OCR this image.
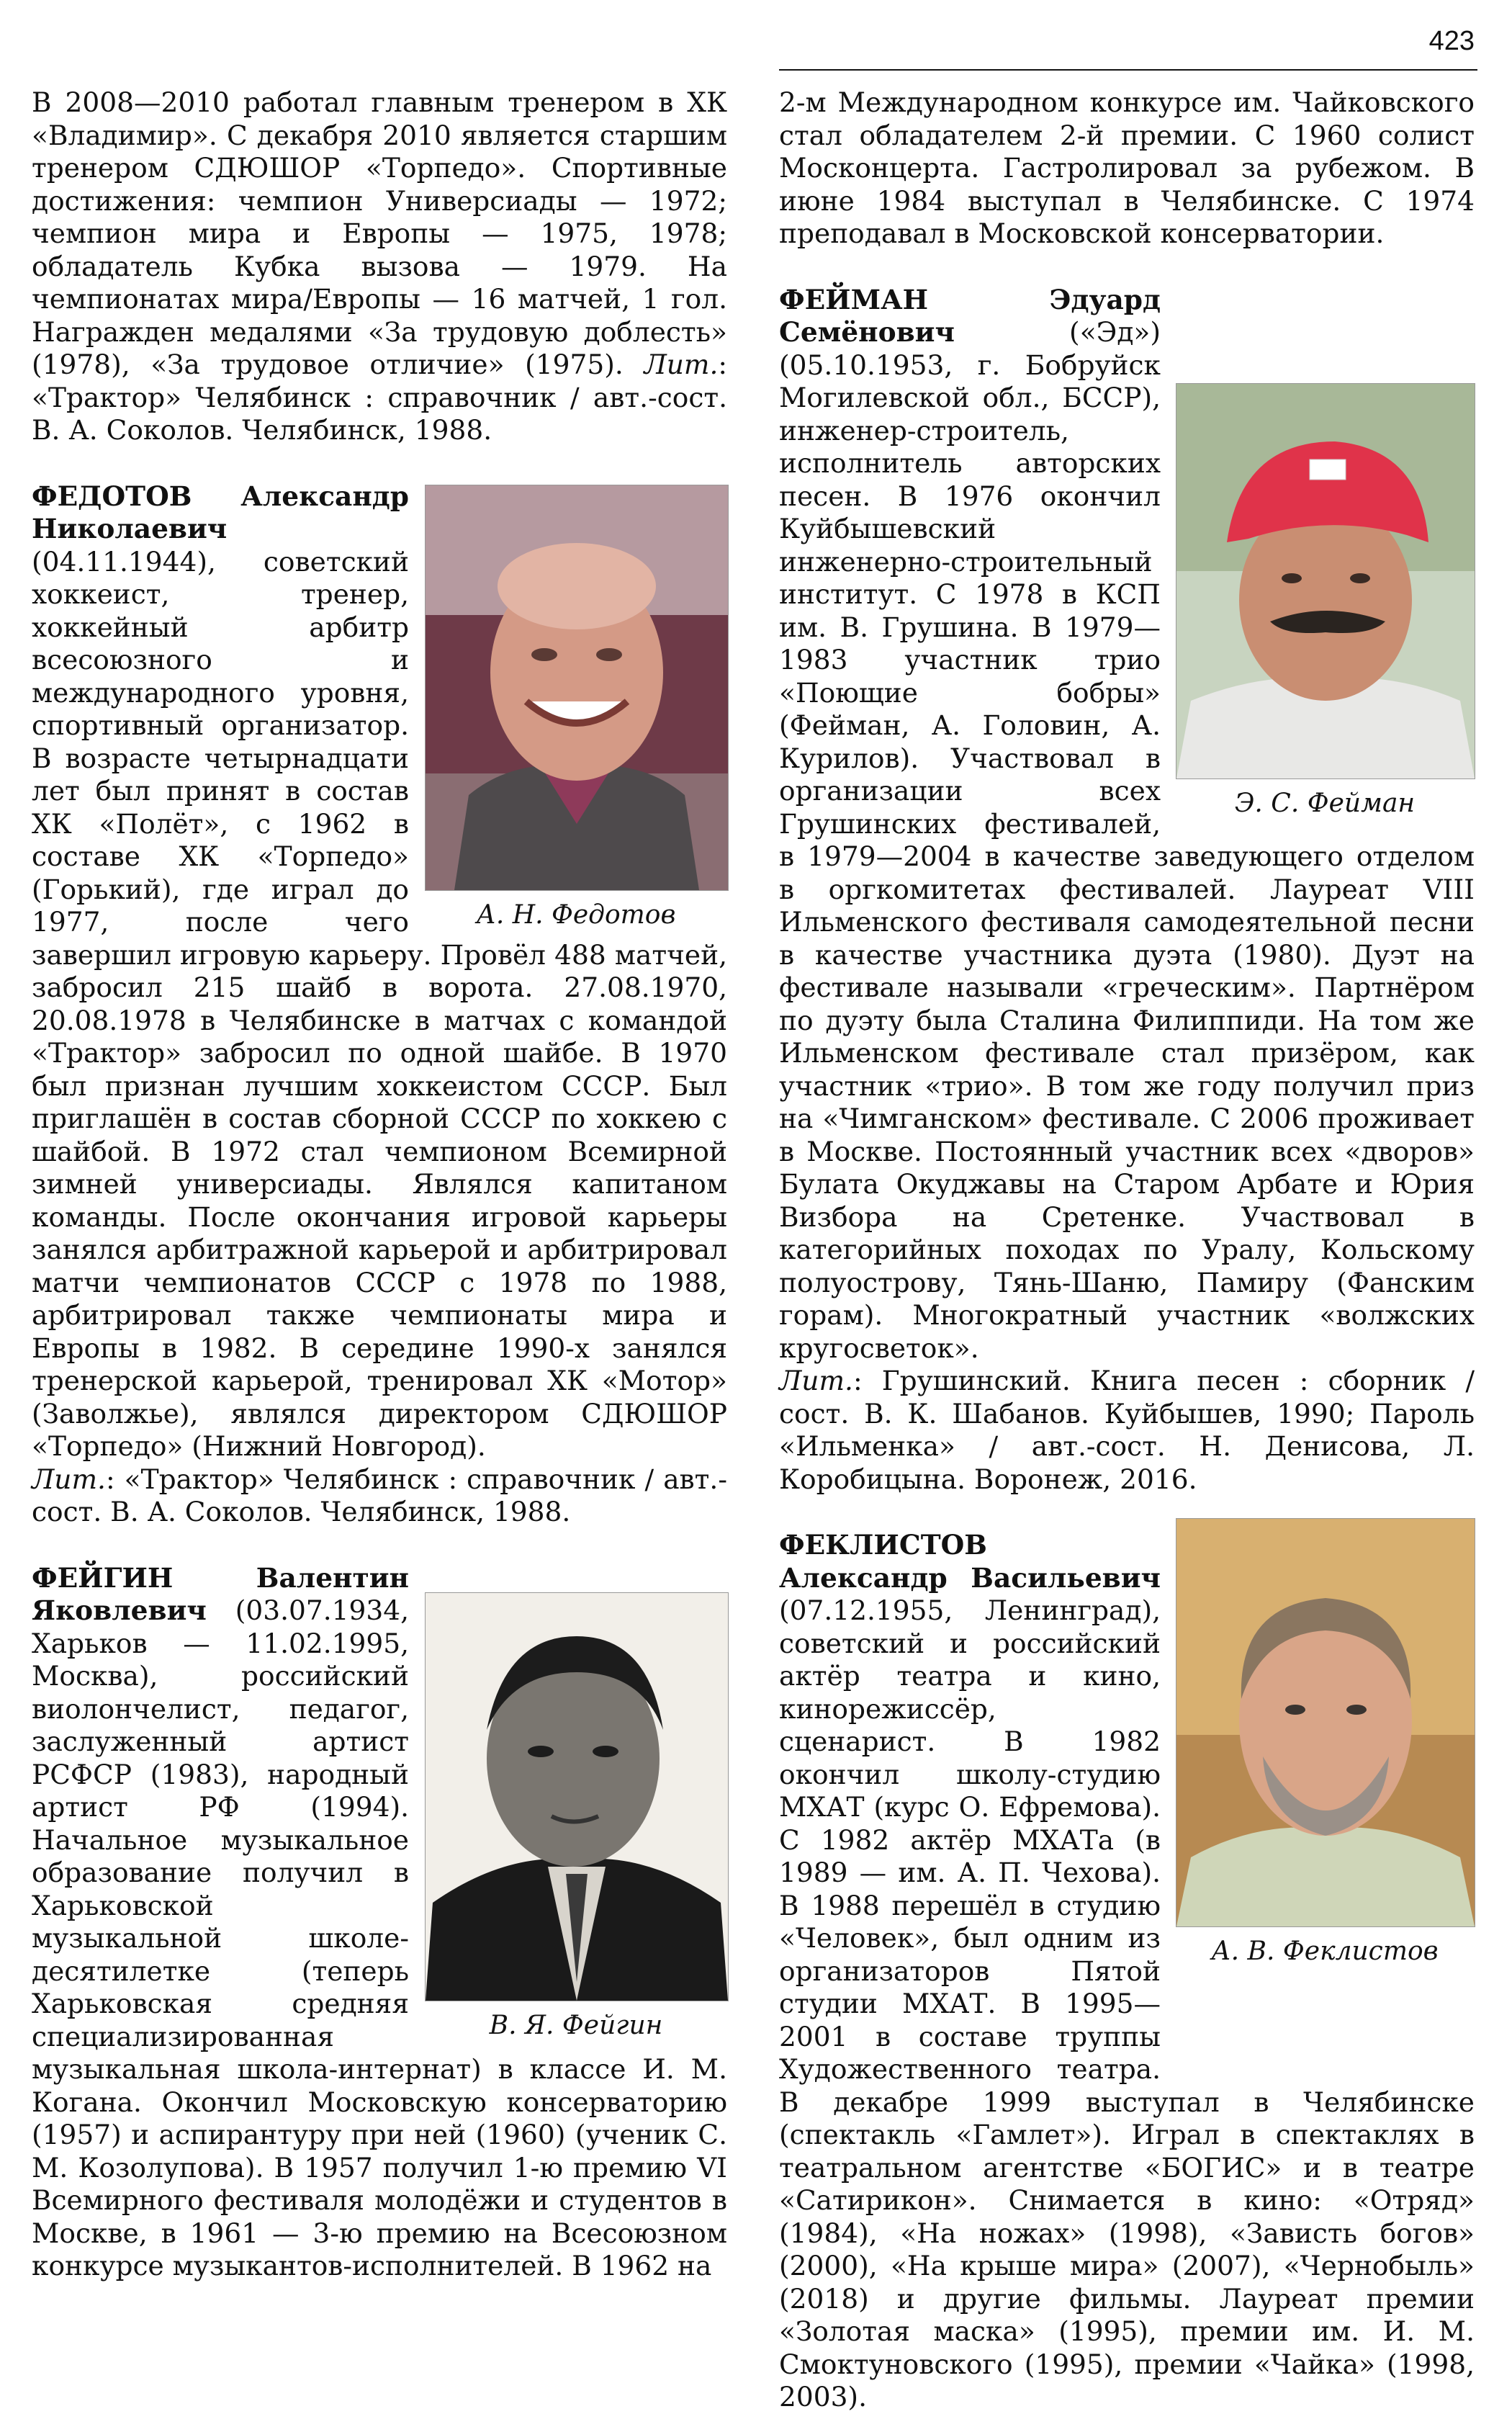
423
В 2008—2010 работал главным тренером в ХК «Владимир». С декабря 2010 является старшим тренером СДЮШОР «Торпедо». Спортивные достижения: чемпион Универсиады — 1972; чемпион мира и Европы — 1975, 1978; обладатель Кубка вызова — 1979. На чемпионатах мира/Европы — 16 матчей, 1 гол. Награжден медалями «За трудовую доблесть» (1978), «За трудовое отличие» (1975). Лит.: «Трактор» Челябинск : справочник / авт.-сост. В. А. Соколов. Челябинск, 1988.
А. Н. Федотов
ФЕДОТОВ Александр Николаевич (04.11.1944), советский хоккеист, тренер, хоккейный арбитр всесоюзного и международного уровня, спортивный организатор. В возрасте четырнадцати лет был принят в состав ХК «Полёт», с 1962 в составе ХК «Торпедо» (Горький), где играл до 1977, после чего завершил игровую карьеру. Провёл 488 матчей, забросил 215 шайб в ворота. 27.08.1970, 20.08.1978 в Челябинске в матчах с командой «Трактор» забросил по одной шайбе. В 1970 был признан лучшим хоккеистом СССР. Был приглашён в состав сборной СССР по хоккею с шайбой. В 1972 стал чемпионом Всемирной зимней универсиады. Являлся капитаном команды. После окончания игровой карьеры занялся арбитражной карьерой и арбитрировал матчи чемпионатов СССР с 1978 по 1988, арбитрировал также чемпионаты мира и Европы в 1982. В середине 1990-х занялся тренерской карьерой, тренировал ХК «Мотор» (Заволжье), являлся директором СДЮШОР «Торпедо» (Нижний Новгород).
Лит.: «Трактор» Челябинск : справочник / авт.-сост. В. А. Соколов. Челябинск, 1988.
В. Я. Фейгин
ФЕЙГИН Валентин Яковлевич (03.07.1934, Харьков — 11.02.1995, Москва), российский виолончелист, педагог, заслуженный артист РСФСР (1983), народный артист РФ (1994). Начальное музыкальное образование получил в Харьковской музыкальной школе-десятилетке (теперь Харьковская средняя специализированная музыкальная школа-интернат) в классе И. М. Когана. Окончил Московскую консерваторию (1957) и аспирантуру при ней (1960) (ученик С. М. Козолупова). В 1957 получил 1-ю премию VI Всемирного фестиваля молодёжи и студентов в Москве, в 1961 — 3-ю премию на Всесоюзном конкурсе музыкантов-исполнителей. В 1962 на
2-м Международном конкурсе им. Чайковского стал обладателем 2-й премии. С 1960 солист Москонцерта. Гастролировал за рубежом. В июне 1984 выступал в Челябинске. С 1974 преподавал в Московской консерватории.
ФЕЙМАН Эдуард Семёнович («Эд») (05.10.1953, г. Бобруйск Могилевской обл., БССР), инженер-строитель, исполнитель авторских песен. В 1976 окончил Куйбышевский инженерно-строительный институт. С 1978 в КСП им. В. Грушина. В 1979—1983 участник трио «Поющие бобры» (Фейман, А. Головин, А. Курилов). Участвовал в организации всех Грушинских фестивалей, в 1979—2004 в качестве заведующего отделом в оргкомитетах фестивалей. Лауреат VIII Ильменского фестиваля самодеятельной песни в качестве участника дуэта (1980). Дуэт на фестивале называли «греческим». Партнёром по дуэту была Сталина Филиппиди. На том же Ильменском фестивале стал призёром, как участник «трио». В том же году получил приз на «Чимганском» фестивале. С 2006 проживает в Москве. Постоянный участник всех «дворов» Булата Окуджавы на Старом Арбате и Юрия Визбора на Сретенке. Участвовал в категорийных походах по Уралу, Кольскому полуострову, Тянь-Шаню, Памиру (Фанским горам). Многократный участник «волжских кругосветок».
Лит.: Грушинский. Книга песен : сборник / сост. В. К. Шабанов. Куйбышев, 1990; Пароль «Ильменка» / авт.-сост. Н. Денисова, Л. Коробицына. Воронеж, 2016.
ФЕКЛИСТОВ Александр Васильевич (07.12.1955, Ленинград), советский и российский актёр театра и кино, кинорежиссёр, сценарист. В 1982 окончил школу-студию МХАТ (курс О. Ефремова). С 1982 актёр МХАТа (в 1989 — им. А. П. Чехова). В 1988 перешёл в студию «Человек», был одним из организаторов Пятой студии МХАТ. В 1995—2001 в составе труппы Художественного театра. В декабре 1999 выступал в Челябинске (спектакль «Гамлет»). Играл в спектаклях в театральном агентстве «БОГИС» и в театре «Сатирикон». Снимается в кино: «Отряд» (1984), «На ножах» (1998), «Зависть богов» (2000), «На крыше мира» (2007), «Чернобыль» (2018) и другие фильмы. Лауреат премии «Золотая маска» (1995), премии им. И. М. Смоктуновского (1995), премии «Чайка» (1998, 2003).
Э. С. Фейман
А. В. Феклистов
